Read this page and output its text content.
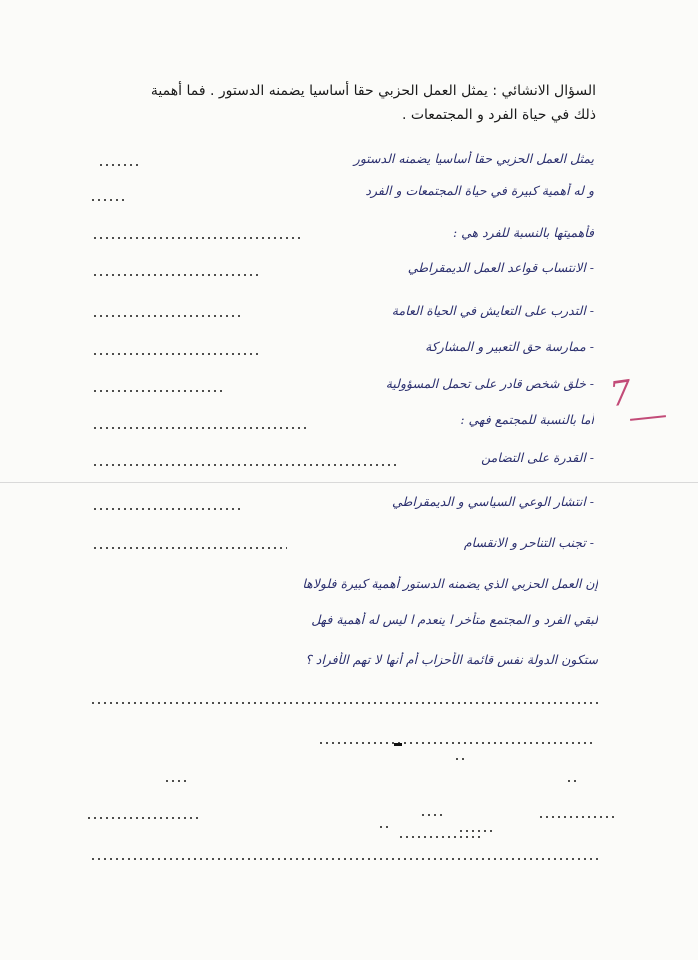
السؤال الانشائي : يمثل العمل الحزبي حقا أساسيا يضمنه الدستور . فما أهمية
ذلك في حياة الفرد و المجتمعات .
يمثل العمل الحزبي حقا أساسيا يضمنه الدستور
و له أهمية كبيرة في حياة المجتمعات و الفرد
فأهميتها بالنسبة للفرد هي :
- الانتساب قواعد العمل الديمقراطي
- التدرب على التعايش في الحياة العامة
- ممارسة حق التعبير و المشاركة
- خلق شخص قادر على تحمل المسؤولية
أما بالنسبة للمجتمع فهي :
- القدرة على التضامن
- انتشار الوعي السياسي و الديمقراطي
- تجنب التناحر و الانقسام
إن العمل الحزبي الذي يضمنه الدستور أهمية كبيرة فلولاها
لبقي الفرد و المجتمع متأخر ا ينعدم ا ليس له أهمية فهل
ستكون الدولة نفس قائمة الأحزاب أم أنها لا تهم الأفراد ؟
7
